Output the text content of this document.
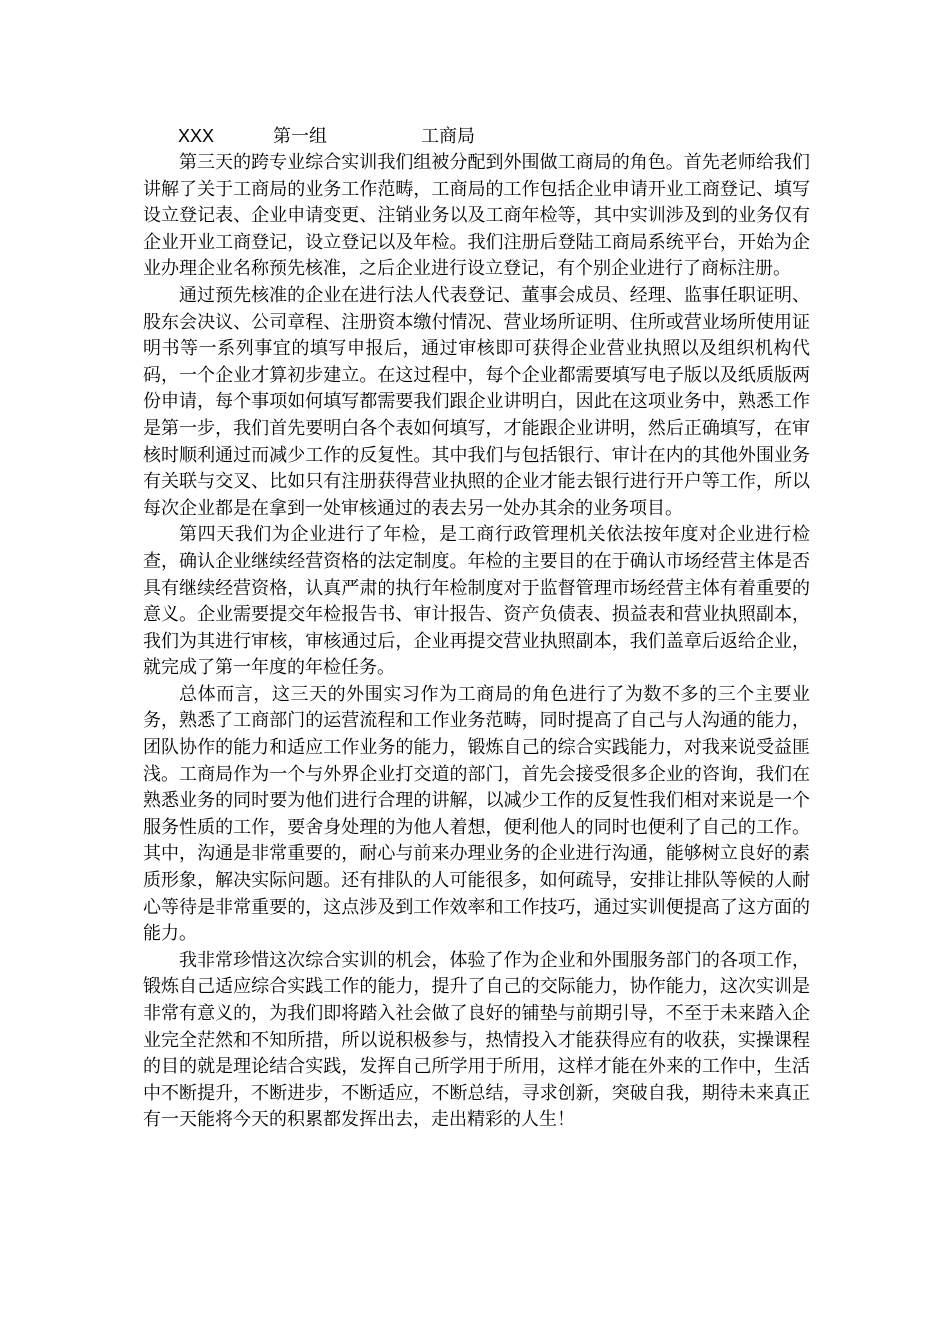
XXX

	第一组

	工商局

第三天的跨专业综合实训我们组被分配到外围做工商局的角色。首先老师给我们讲解了关于工商局的业务工作范畴，工商局的工作包括企业申请开业工商登记、填写设立登记表、企业申请变更、注销业务以及工商年检等，其中实训涉及到的业务仅有企业开业工商登记，设立登记以及年检。我们注册后登陆工商局系统平台，开始为企业办理企业名称预先核准，之后企业进行设立登记，有个别企业进行了商标注册。

通过预先核准的企业在进行法人代表登记、董事会成员、经理、监事任职证明、股东会决议、公司章程、注册资本缴付情况、营业场所证明、住所或营业场所使用证明书等一系列事宜的填写申报后，通过审核即可获得企业营业执照以及组织机构代码，一个企业才算初步建立。在这过程中，每个企业都需要填写电子版以及纸质版两份申请，每个事项如何填写都需要我们跟企业讲明白，因此在这项业务中，熟悉工作是第一步，我们首先要明白各个表如何填写，才能跟企业讲明，然后正确填写，在审核时顺利通过而减少工作的反复性。其中我们与包括银行、审计在内的其他外围业务有关联与交叉、比如只有注册获得营业执照的企业才能去银行进行开户等工作，所以每次企业都是在拿到一处审核通过的表去另一处办其余的业务项目。

第四天我们为企业进行了年检，是工商行政管理机关依法按年度对企业进行检查，确认企业继续经营资格的法定制度。年检的主要目的在于确认市场经营主体是否具有继续经营资格，认真严肃的执行年检制度对于监督管理市场经营主体有着重要的意义。企业需要提交年检报告书、审计报告、资产负债表、损益表和营业执照副本，我们为其进行审核，审核通过后，企业再提交营业执照副本，我们盖章后返给企业，就完成了第一年度的年检任务。

总体而言，这三天的外围实习作为工商局的角色进行了为数不多的三个主要业务，熟悉了工商部门的运营流程和工作业务范畴，同时提高了自己与人沟通的能力，团队协作的能力和适应工作业务的能力，锻炼自己的综合实践能力，对我来说受益匪浅。工商局作为一个与外界企业打交道的部门，首先会接受很多企业的咨询，我们在熟悉业务的同时要为他们进行合理的讲解，以减少工作的反复性我们相对来说是一个服务性质的工作，要舍身处理的为他人着想，便利他人的同时也便利了自己的工作。其中，沟通是非常重要的，耐心与前来办理业务的企业进行沟通，能够树立良好的素质形象，解决实际问题。还有排队的人可能很多，如何疏导，安排让排队等候的人耐心等待是非常重要的，这点涉及到工作效率和工作技巧，通过实训便提高了这方面的能力。

我非常珍惜这次综合实训的机会，体验了作为企业和外围服务部门的各项工作，锻炼自己适应综合实践工作的能力，提升了自己的交际能力，协作能力，这次实训是非常有意义的，为我们即将踏入社会做了良好的铺垫与前期引导，不至于未来踏入企业完全茫然和不知所措，所以说积极参与，热情投入才能获得应有的收获，实操课程的目的就是理论结合实践，发挥自己所学用于所用，这样才能在外来的工作中，生活中不断提升，不断进步，不断适应，不断总结，寻求创新，突破自我，期待未来真正有一天能将今天的积累都发挥出去，走出精彩的人生！
